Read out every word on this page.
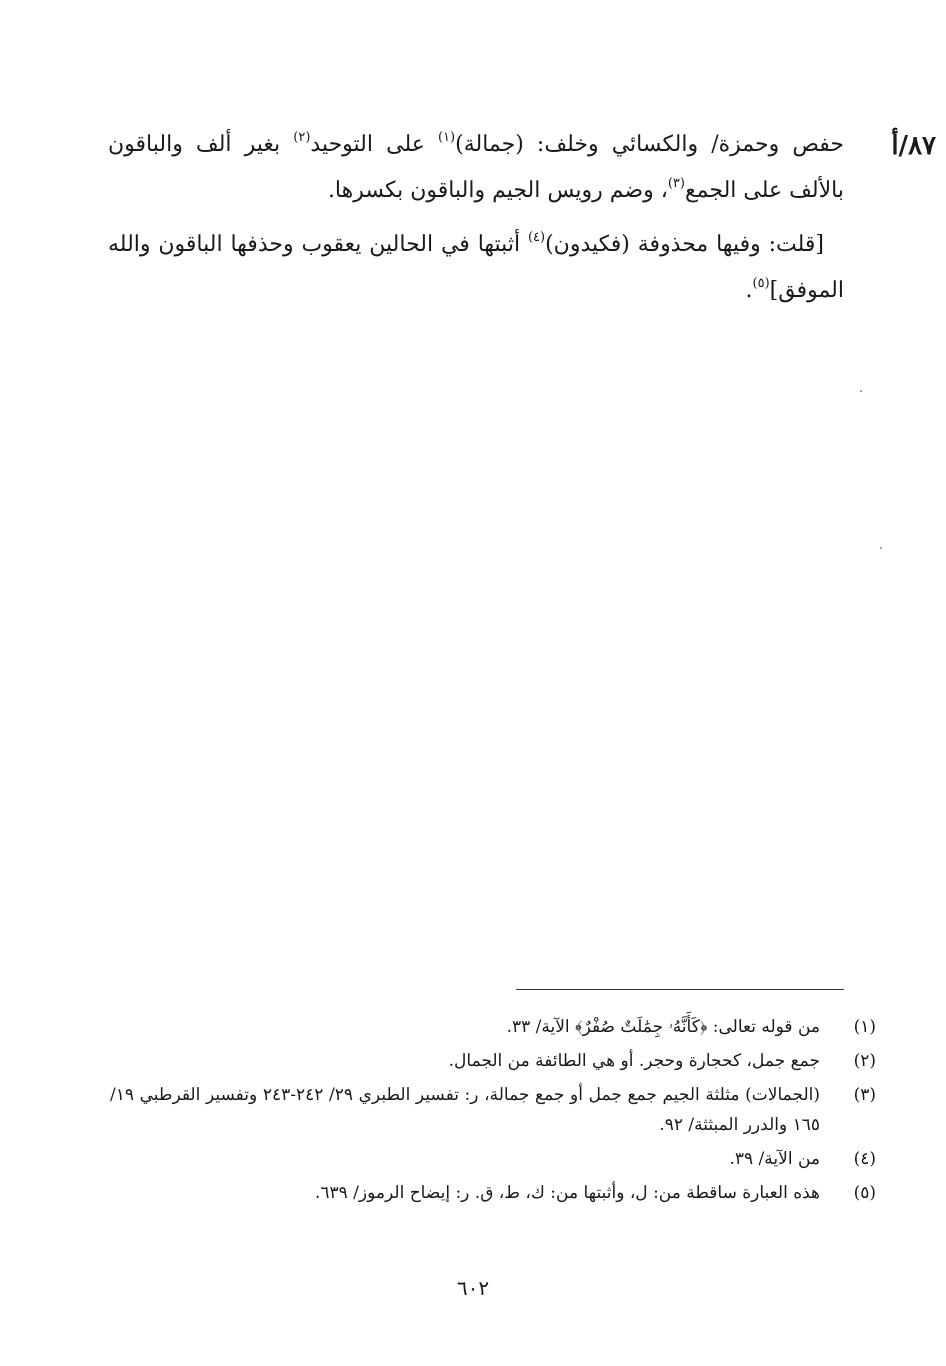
٨٧/أ

حفص وحمزة/ والكسائي وخلف: (جمالة)$^{(١)}$ على التوحيد$^{(٢)}$ بغير ألف والباقون بالألف على الجمع$^{(٣)}$، وضم رويس الجيم والباقون بكسرها.

[قلت: وفيها محذوفة (فكيدون)$^{(٤)}$ أثبتها في الحالين يعقوب وحذفها الباقون والله الموفق]$^{(٥)}$.

(١)
من قوله تعالى: ﴿كَأَنَّهُۥ جِمَٰلَتٌ صُفْرٌ﴾ الآية/ ٣٣.
(٢)
جمع جمل، كحجارة وحجر. أو هي الطائفة من الجمال.
(٣)
(الجمالات) مثلثة الجيم جمع جمل أو جمع جمالة، ر: تفسير الطبري ٢٩/ ٢٤٢-٢٤٣ وتفسير القرطبي ١٩/ ١٦٥ والدرر المبثثة/ ٩٢.
(٤)
من الآية/ ٣٩.
(٥)
هذه العبارة ساقطة من: ل، وأثبتها من: ك، ط، ق. ر: إيضاح الرموز/ ٦٣٩.
٦٠٢
